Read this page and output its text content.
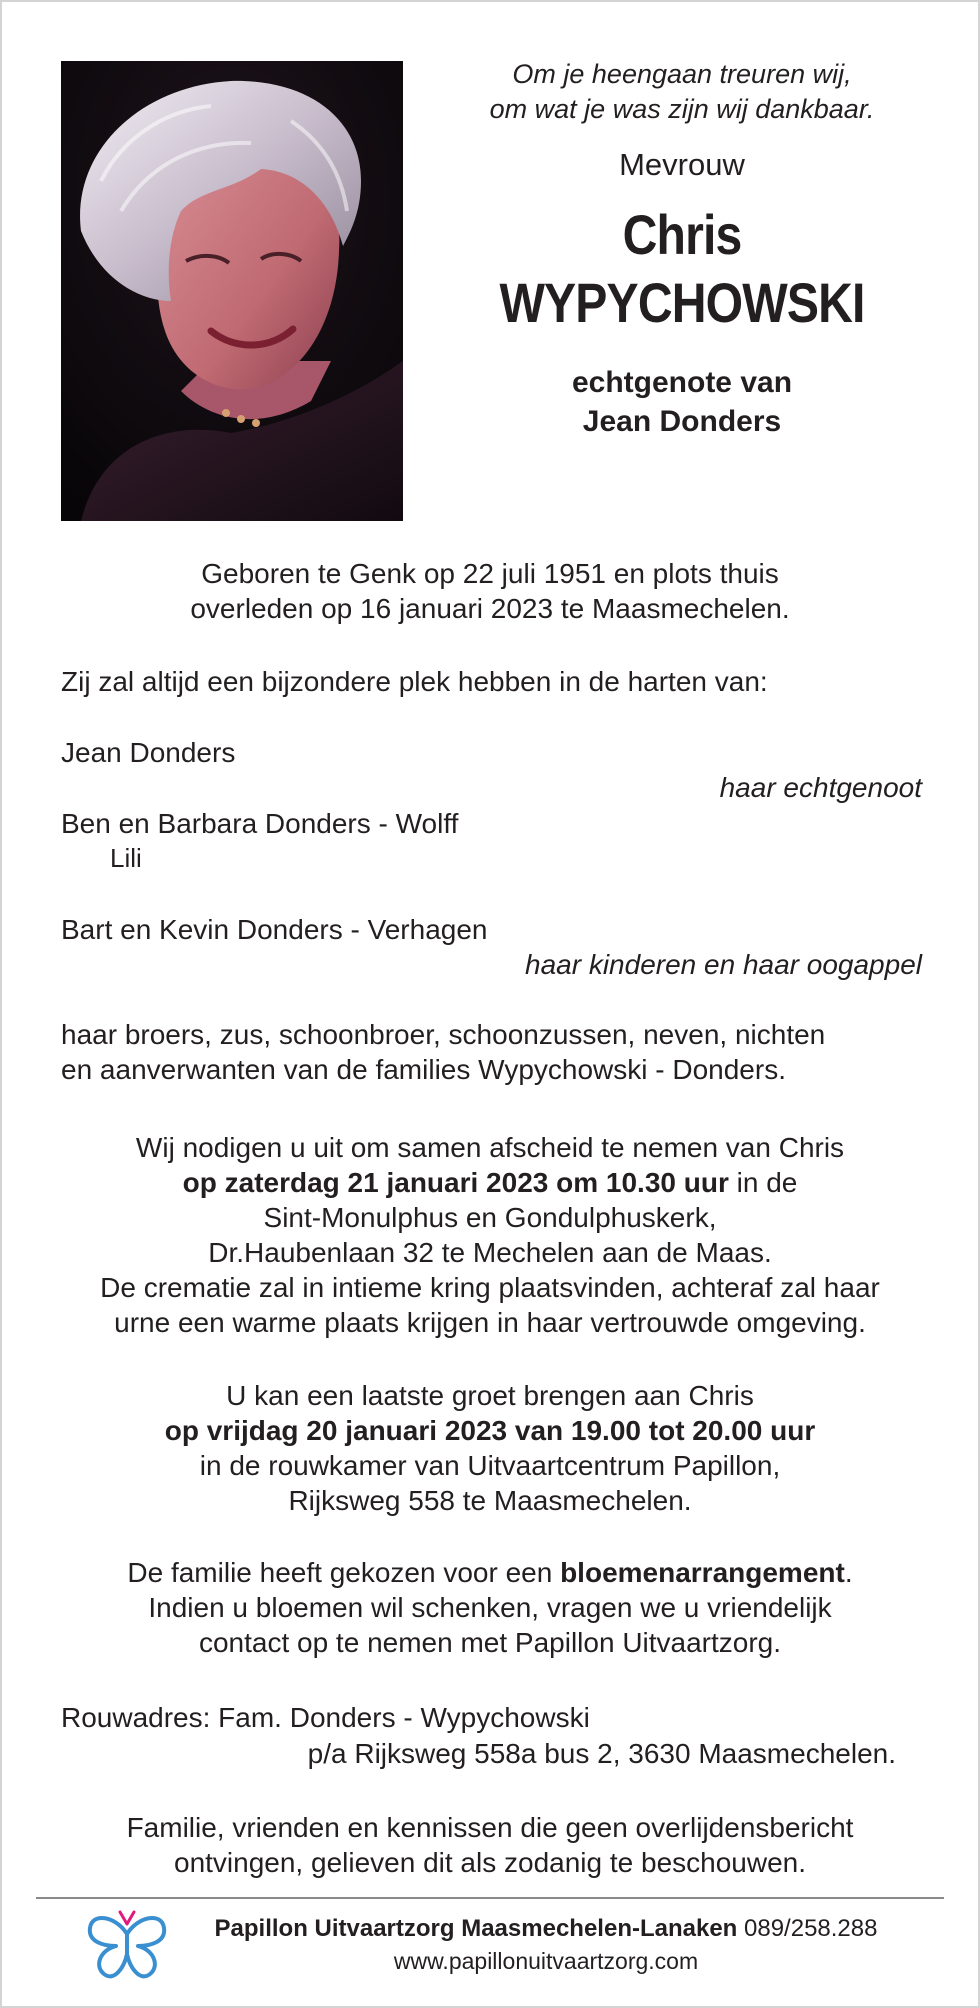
Om je heengaan treuren wij,
om wat je was zijn wij dankbaar.
Mevrouw
Chris
WYPYCHOWSKI
echtgenote van
Jean Donders
Geboren te Genk op 22 juli 1951 en plots thuis
overleden op 16 januari 2023 te Maasmechelen.
Zij zal altijd een bijzondere plek hebben in de harten van:
Jean Donders
haar echtgenoot
Ben en Barbara Donders - Wolff
Lili
Bart en Kevin Donders - Verhagen
haar kinderen en haar oogappel
haar broers, zus, schoonbroer, schoonzussen, neven, nichten
en aanverwanten van de families Wypychowski - Donders.
Wij nodigen u uit om samen afscheid te nemen van Chris
op zaterdag 21 januari 2023 om 10.30 uur in de
Sint-Monulphus en Gondulphuskerk,
Dr.Haubenlaan 32 te Mechelen aan de Maas.
De crematie zal in intieme kring plaatsvinden, achteraf zal haar
urne een warme plaats krijgen in haar vertrouwde omgeving.
U kan een laatste groet brengen aan Chris
op vrijdag 20 januari 2023 van 19.00 tot 20.00 uur
in de rouwkamer van Uitvaartcentrum Papillon,
Rijksweg 558 te Maasmechelen.
De familie heeft gekozen voor een bloemenarrangement.
Indien u bloemen wil schenken, vragen we u vriendelijk
contact op te nemen met Papillon Uitvaartzorg.
Rouwadres: Fam. Donders - Wypychowski
p/a Rijksweg 558a bus 2, 3630 Maasmechelen.
Familie, vrienden en kennissen die geen overlijdensbericht
ontvingen, gelieven dit als zodanig te beschouwen.
Papillon Uitvaartzorg Maasmechelen-Lanaken 089/258.288
www.papillonuitvaartzorg.com
